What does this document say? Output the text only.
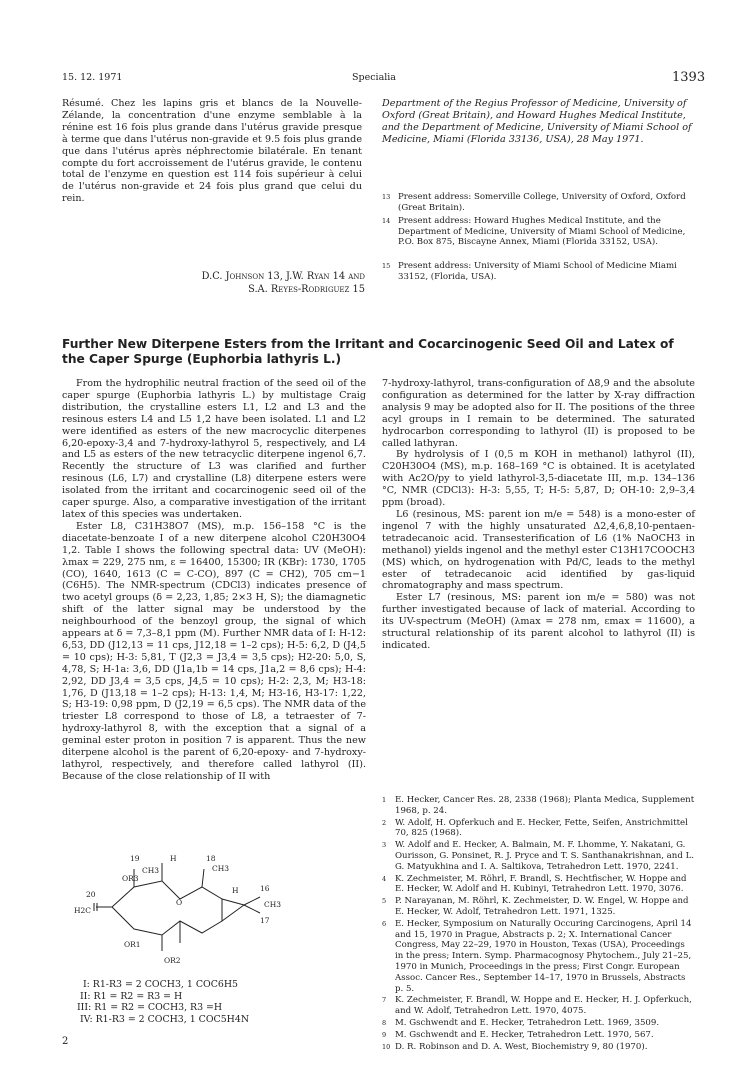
15. 12. 1971	Specialia	1393

Résumé. Chez les lapins gris et blancs de la Nouvelle-Zélande, la concentration d'une enzyme semblable à la rénine est 16 fois plus grande dans l'utérus gravide presque à terme que dans l'utérus non-gravide et 9.5 fois plus grande que dans l'utérus après néphrectomie bilatérale. En tenant compte du fort accroissement de l'utérus gravide, le contenu total de l'enzyme en question est 114 fois supérieur à celui de l'utérus non-gravide et 24 fois plus grand que celui du rein.

D.C. Johnson 13, J.W. Ryan 14 and
S.A. Reyes-Rodriguez 15
Department of the Regius Professor of Medicine, University of Oxford (Great Britain), and Howard Hughes Medical Institute, and the Department of Medicine, University of Miami School of Medicine, Miami (Florida 33136, USA), 28 May 1971.
13 Present address: Somerville College, University of Oxford, Oxford (Great Britain).
14 Present address: Howard Hughes Medical Institute, and the Department of Medicine, University of Miami School of Medicine, P.O. Box 875, Biscayne Annex, Miami (Florida 33152, USA).
15 Present address: University of Miami School of Medicine Miami 33152, (Florida, USA).
Further New Diterpene Esters from the Irritant and Cocarcinogenic Seed Oil and Latex of the Caper Spurge (Euphorbia lathyris L.)

From the hydrophilic neutral fraction of the seed oil of the caper spurge (Euphorbia lathyris L.) by multistage Craig distribution, the crystalline esters L1, L2 and L3 and the resinous esters L4 and L5 1,2 have been isolated. L1 and L2 were identified as esters of the new macrocyclic diterpenes 6,20-epoxy-3,4 and 7-hydroxy-lathyrol 5, respectively, and L4 and L5 as esters of the new tetracyclic diterpene ingenol 6,7. Recently the structure of L3 was clarified and further resinous (L6, L7) and crystalline (L8) diterpene esters were isolated from the irritant and cocarcinogenic seed oil of the caper spurge. Also, a comparative investigation of the irritant latex of this species was undertaken.

Ester L8, C31H38O7 (MS), m.p. 156–158 °C is the diacetate-benzoate I of a new diterpene alcohol C20H30O4 1,2. Table I shows the following spectral data: UV (MeOH): λmax = 229, 275 nm, ε = 16400, 15300; IR (KBr): 1730, 1705 (CO), 1640, 1613 (C = C-CO), 897 (C = CH2), 705 cm−1 (C6H5). The NMR-spectrum (CDCl3) indicates presence of two acetyl groups (δ = 2,23, 1,85; 2×3 H, S); the diamagnetic shift of the latter signal may be understood by the neighbourhood of the benzoyl group, the signal of which appears at δ = 7,3–8,1 ppm (M). Further NMR data of I: H-12: 6,53, DD (J12,13 = 11 cps, J12,18 = 1–2 cps); H-5: 6,2, D (J4,5 = 10 cps); H-3: 5,81, T (J2,3 = J3,4 = 3,5 cps); H2-20: 5,0, S, 4,78, S; H-1a: 3,6, DD (J1a,1b = 14 cps, J1a,2 = 8,6 cps); H-4: 2,92, DD J3,4 = 3,5 cps, J4,5 = 10 cps); H-2: 2,3, M; H3-18: 1,76, D (J13,18 = 1–2 cps); H-13: 1,4, M; H3-16, H3-17: 1,22, S; H3-19: 0,98 ppm, D (J2,19 = 6,5 cps). The NMR data of the triester L8 correspond to those of L8, a tetraester of 7-hydroxy-lathyrol 8, with the exception that a signal of a geminal ester proton in position 7 is apparent. Thus the new diterpene alcohol is the parent of 6,20-epoxy- and 7-hydroxy-lathyrol, respectively, and therefore called lathyrol (II). Because of the close relationship of II with

7-hydroxy-lathyrol, trans-configuration of Δ8,9 and the absolute configuration as determined for the latter by X-ray diffraction analysis 9 may be adopted also for II. The positions of the three acyl groups in I remain to be determined. The saturated hydrocarbon corresponding to lathyrol (II) is proposed to be called lathyran.

By hydrolysis of I (0,5 m KOH in methanol) lathyrol (II), C20H30O4 (MS), m.p. 168–169 °C is obtained. It is acetylated with Ac2O/py to yield lathyrol-3,5-diacetate III, m.p. 134–136 °C, NMR (CDCl3): H-3: 5,55, T; H-5: 5,87, D; OH-10: 2,9–3,4 ppm (broad).

L6 (resinous, MS: parent ion m/e = 548) is a mono-ester of ingenol 7 with the highly unsaturated Δ2,4,6,8,10-pentaen-tetradecanoic acid. Transesterification of L6 (1% NaOCH3 in methanol) yields ingenol and the methyl ester C13H17COOCH3 (MS) which, on hydrogenation with Pd/C, leads to the methyl ester of tetradecanoic acid identified by gas-liquid chromatography and mass spectrum.

Ester L7 (resinous, MS: parent ion m/e = 580) was not further investigated because of lack of material. According to its UV-spectrum (MeOH) (λmax = 278 nm, εmax = 11600), a structural relationship of its parent alcohol to lathyrol (II) is indicated.

1 E. Hecker, Cancer Res. 28, 2338 (1968); Planta Medica, Supplement 1968, p. 24.
2 W. Adolf, H. Opferkuch and E. Hecker, Fette, Seifen, Anstrichmittel 70, 825 (1968).
3 W. Adolf and E. Hecker, A. Balmain, M. F. Lhomme, Y. Nakatani, G. Ourisson, G. Ponsinet, R. J. Pryce and T. S. Santhanakrishnan, and L. G. Matyukhina and I. A. Saltikova, Tetrahedron Lett. 1970, 2241.
4 K. Zechmeister, M. Röhrl, F. Brandl, S. Hechtfischer, W. Hoppe and E. Hecker, W. Adolf and H. Kubinyi, Tetrahedron Lett. 1970, 3076.
5 P. Narayanan, M. Röhrl, K. Zechmeister, D. W. Engel, W. Hoppe and E. Hecker, W. Adolf, Tetrahedron Lett. 1971, 1325.
6 E. Hecker, Symposium on Naturally Occuring Carcinogens, April 14 and 15, 1970 in Prague, Abstracts p. 2; X. International Cancer Congress, May 22–29, 1970 in Houston, Texas (USA), Proceedings in the press; Intern. Symp. Pharmacognosy Phytochem., July 21–25, 1970 in Munich, Proceedings in the press; First Congr. European Assoc. Cancer Res., September 14–17, 1970 in Brussels, Abstracts p. 5.
7 K. Zechmeister, F. Brandl, W. Hoppe and E. Hecker, H. J. Opferkuch, and W. Adolf, Tetrahedron Lett. 1970, 4075.
8 M. Gschwendt and E. Hecker, Tetrahedron Lett. 1969, 3509.
9 M. Gschwendt and E. Hecker, Tetrahedron Lett. 1970, 567.
10 D. R. Robinson and D. A. West, Biochemistry 9, 80 (1970).
19
CH3
OR3
16
CH3
17
H
H
OR2
OR1
H2C
20
18
CH3
O

I: R1-R3 = 2 COCH3, 1 COC6H5
II: R1 = R2 = R3 = H
III: R1 = R2 = COCH3, R3 =H
IV: R1-R3 = 2 COCH3, 1 COC5H4N

2
